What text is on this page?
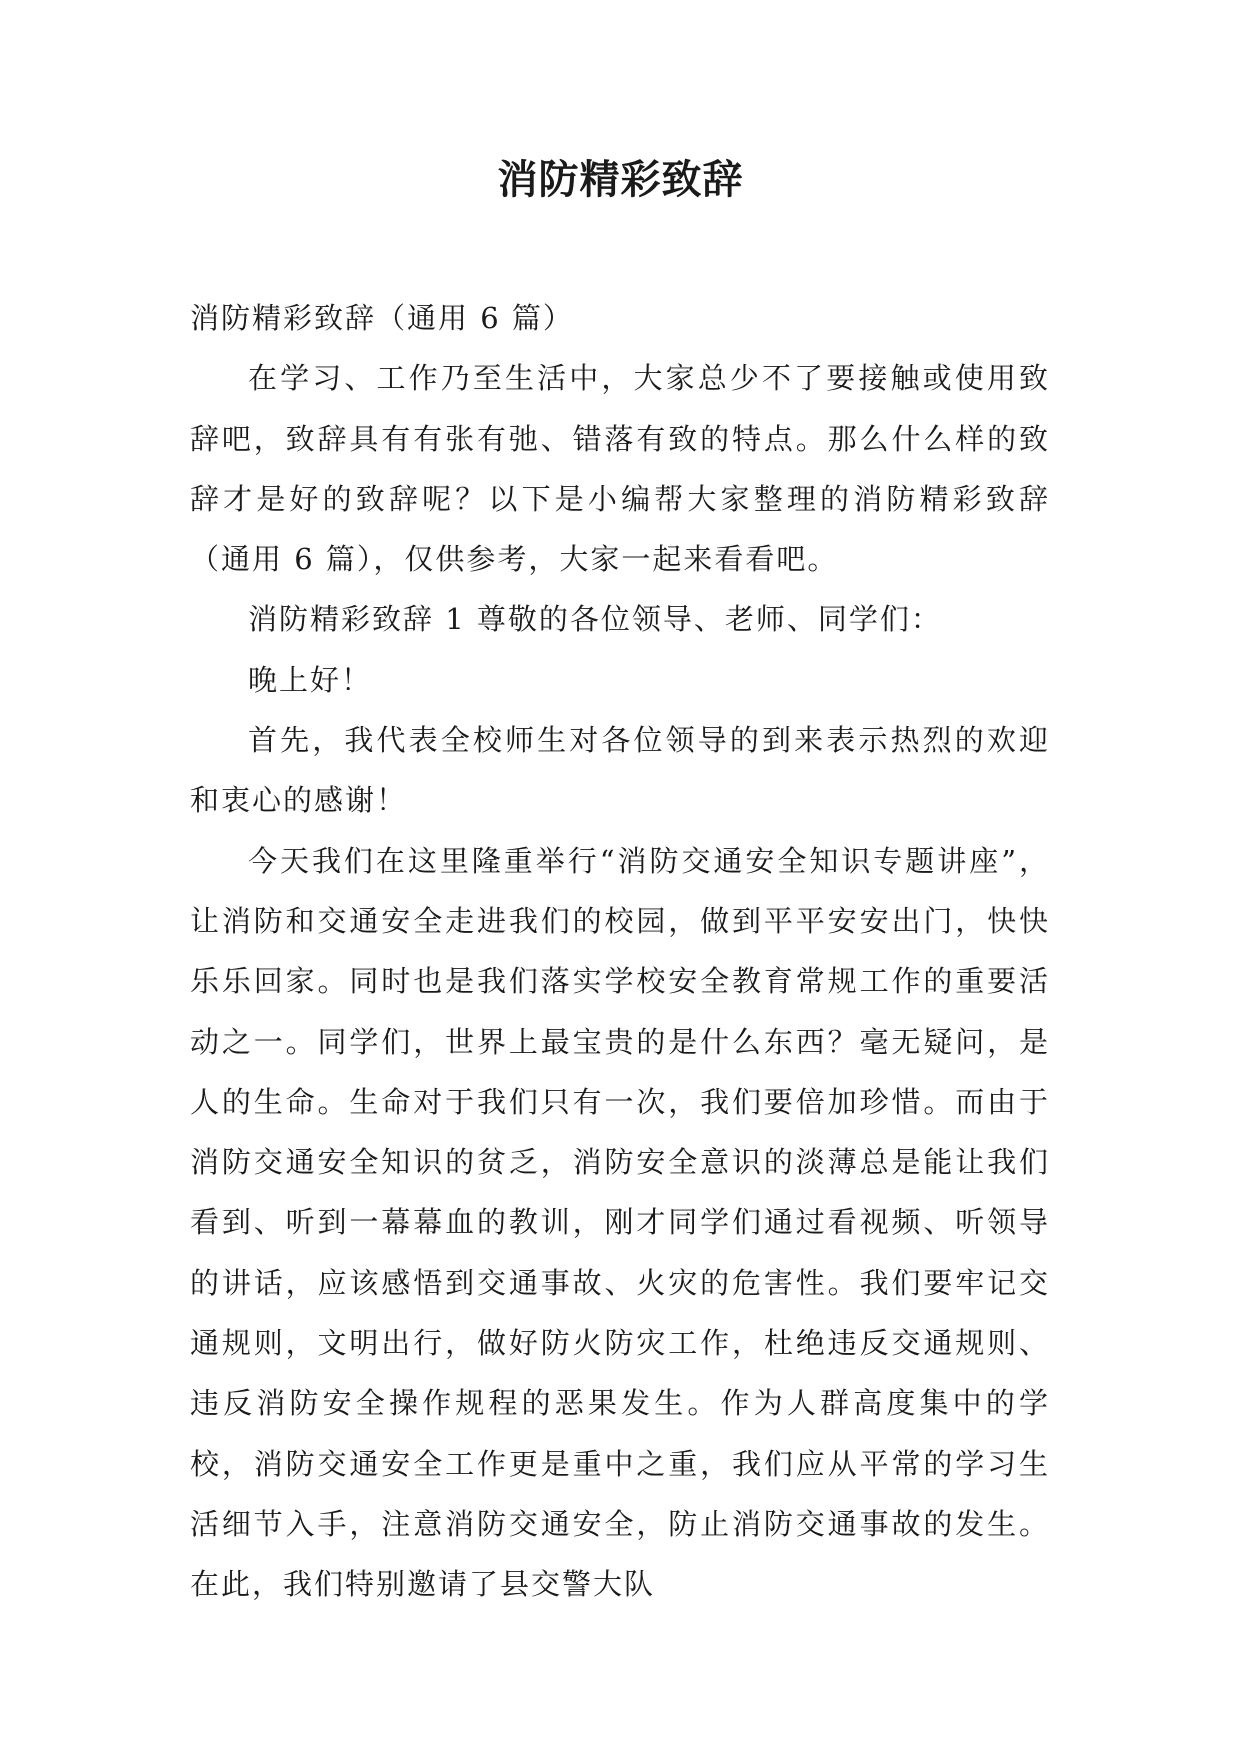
消防精彩致辞

消防精彩致辞（通用 6 篇）

在学习、工作乃至生活中，大家总少不了要接触或使用致辞吧，致辞具有有张有弛、错落有致的特点。那么什么样的致辞才是好的致辞呢？以下是小编帮大家整理的消防精彩致辞（通用 6 篇），仅供参考，大家一起来看看吧。

消防精彩致辞 1 尊敬的各位领导、老师、同学们：

晚上好！

首先，我代表全校师生对各位领导的到来表示热烈的欢迎和衷心的感谢！

今天我们在这里隆重举行“消防交通安全知识专题讲座”，让消防和交通安全走进我们的校园，做到平平安安出门，快快乐乐回家。同时也是我们落实学校安全教育常规工作的重要活动之一。同学们，世界上最宝贵的是什么东西？毫无疑问，是人的生命。生命对于我们只有一次，我们要倍加珍惜。而由于消防交通安全知识的贫乏，消防安全意识的淡薄总是能让我们看到、听到一幕幕血的教训，刚才同学们通过看视频、听领导的讲话，应该感悟到交通事故、火灾的危害性。我们要牢记交通规则，文明出行，做好防火防灾工作，杜绝违反交通规则、违反消防安全操作规程的恶果发生。作为人群高度集中的学校，消防交通安全工作更是重中之重，我们应从平常的学习生活细节入手，注意消防交通安全，防止消防交通事故的发生。在此，我们特别邀请了县交警大队
